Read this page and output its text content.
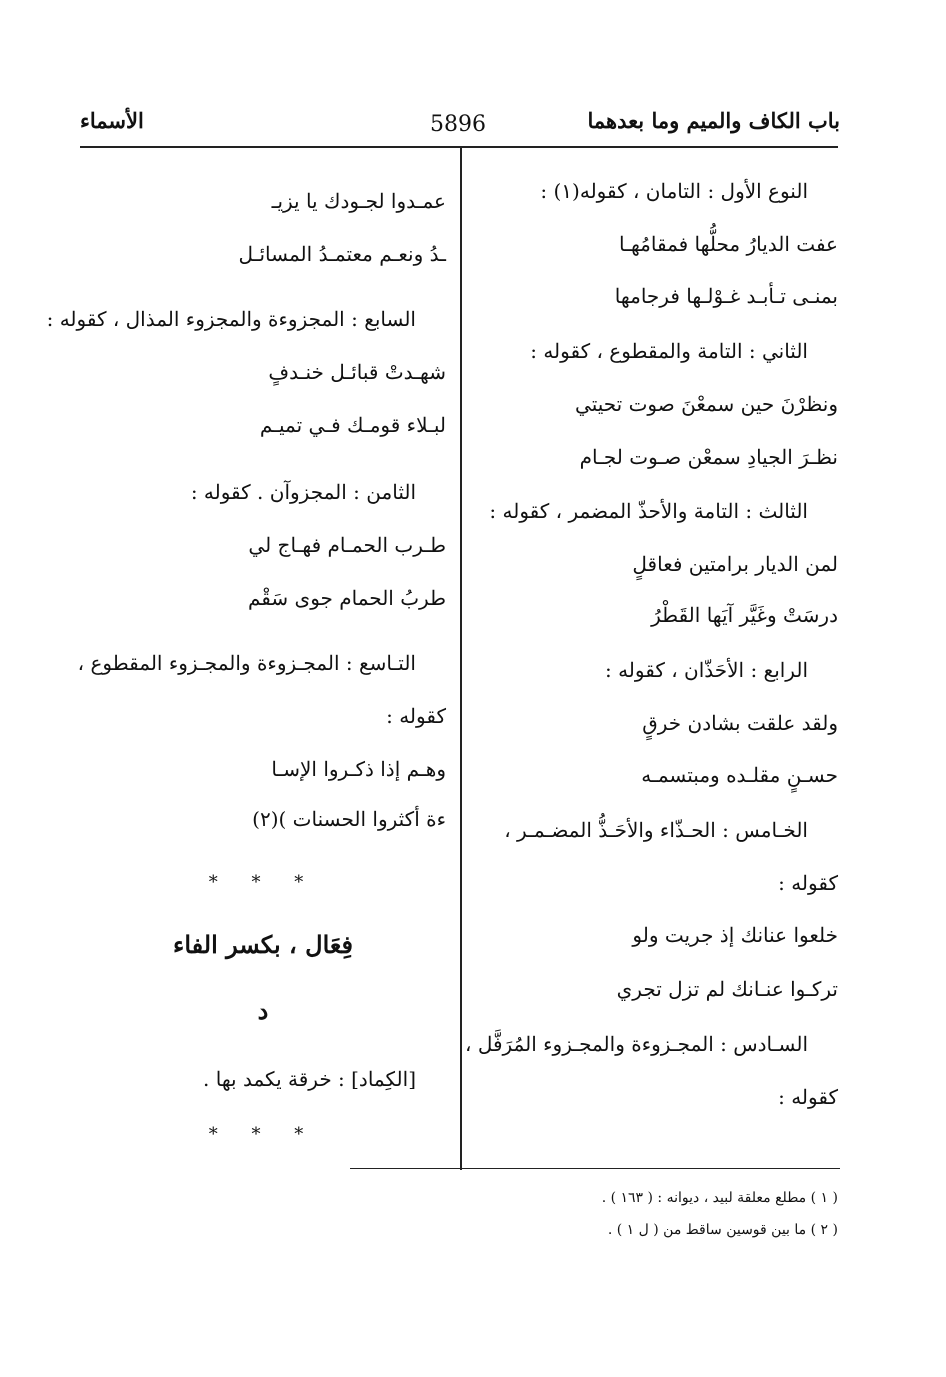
باب الكاف والميم وما بعدهما
5896
الأسماء
النوع الأول : التامان ، كقوله(١) :
عفت الديارُ محلُّها فمقامُهـا
بمنـى تـأبـد غـوْلـها فرجامها
الثاني : التامة والمقطوع ، كقوله :
ونظرْنَ حين سمعْنَ صوت تحيتي
نظـرَ الجيادِ سمعْن صـوت لجـام
الثالث : التامة والأحذّ المضمر ، كقوله :
لمن الديار برامتين فعاقلٍ
درسَتْ وغَيَّر آيَها القَطْرُ
الرابع : الأحَذّان ، كقوله :
ولقد علقت بشادن خرقٍ
حسـنٍ مقلـده ومبتسمـه
الخـامس : الحـذّاء والأحَـذُّ المضـمـر ،
كقوله :
خلعوا عنانك إذ جريت ولو
تركـوا عنـانك لم تزل تجري
السـادس : المجـزوءة والمجـزوء المُرَفَّل ،
كقوله :
عمـدوا لجـودك يا يزيـ
ـدُ ونعـم معتمـدُ المسائـل
السابع : المجزوءة والمجزوء المذال ، كقوله :
شهـدتْ قبائـل خنـدفٍ
لبـلاء قومـك فـي تميـم
الثامن : المجزوآن . كقوله :
طـرب الحمـام فهـاج لي
طربُ الحمام جوى سَقْم
التـاسع : المجـزوءة والمجـزوء المقطوع ،
كقوله :
وهـم إذا ذكـروا الإسـا
ءة أكثروا الحسنات )(٢)
* * *
فِعَال ، بكسر الفاء
د
[الكِماد] : خرقة يكمد بها .
* * *
( ١ ) مطلع معلقة لبيد ، ديوانه : ( ١٦٣ ) .
( ٢ ) ما بين قوسين ساقط من ( ل ١ ) .
